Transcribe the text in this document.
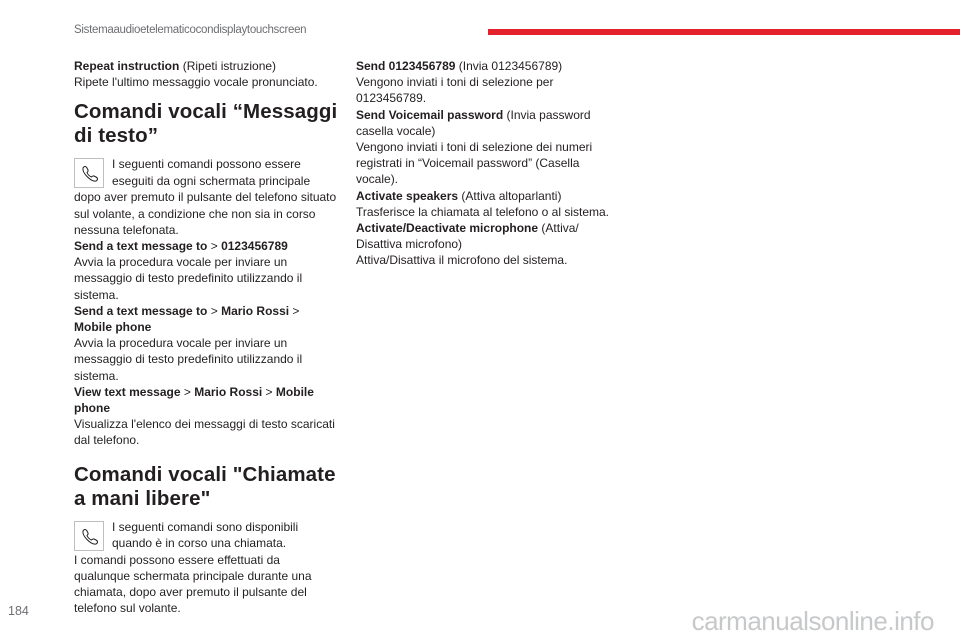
Sistemaaudioetelematicocondisplaytouchscreen

Repeat instruction (Ripeti istruzione)

Ripete l'ultimo messaggio vocale pronunciato.

Comandi vocali “Messaggi di testo”
I seguenti comandi possono essere
eseguiti da ogni schermata principale

dopo aver premuto il pulsante del telefono situato sul volante, a condizione che non sia in corso nessuna telefonata.

Send a text message to > 0123456789

Avvia la procedura vocale per inviare un messaggio di testo predefinito utilizzando il sistema.

Send a text message to > Mario Rossi > Mobile phone

Avvia la procedura vocale per inviare un messaggio di testo predefinito utilizzando il sistema.

View text message > Mario Rossi > Mobile phone

Visualizza l'elenco dei messaggi di testo scaricati dal telefono.

Comandi vocali "Chiamate a mani libere"
I seguenti comandi sono disponibili
quando è in corso una chiamata.

I comandi possono essere effettuati da qualunque schermata principale durante una chiamata, dopo aver premuto il pulsante del telefono sul volante.

Send 0123456789 (Invia 0123456789)

Vengono inviati i toni di selezione per 0123456789.

Send Voicemail password (Invia password casella vocale)

Vengono inviati i toni di selezione dei numeri registrati in “Voicemail password” (Casella vocale).

Activate speakers (Attiva altoparlanti)

Trasferisce la chiamata al telefono o al sistema.

Activate/Deactivate microphone (Attiva/ Disattiva microfono)

Attiva/Disattiva il microfono del sistema.

184	carmanualsonline.info
